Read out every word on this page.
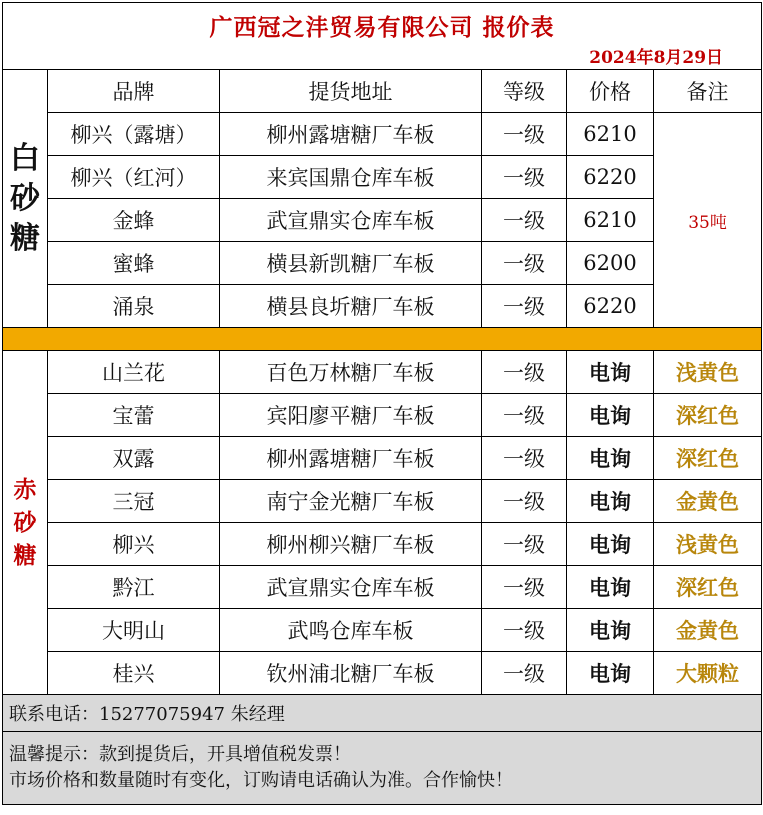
广西冠之沣贸易有限公司 报价表
2024年8月29日					

白
砂
糖	品牌	提货地址	等级	价格	备注
	柳兴（露塘）	柳州露塘糖厂车板	一级	6210	35吨
	柳兴（红河）	来宾国鼎仓库车板	一级	6220	
	金蜂	武宣鼎实仓库车板	一级	6210	
	蜜蜂	横县新凯糖厂车板	一级	6200	
	涌泉	横县良圻糖厂车板	一级	6220	

赤
砂
糖	山兰花	百色万林糖厂车板	一级	电询	浅黄色
	宝蕾	宾阳廖平糖厂车板	一级	电询	深红色
	双露	柳州露塘糖厂车板	一级	电询	深红色
	三冠	南宁金光糖厂车板	一级	电询	金黄色
	柳兴	柳州柳兴糖厂车板	一级	电询	浅黄色
	黔江	武宣鼎实仓库车板	一级	电询	深红色
	大明山	武鸣仓库车板	一级	电询	金黄色
	桂兴	钦州浦北糖厂车板	一级	电询	大颗粒
联系电话：15277075947 朱经理					

温馨提示：款到提货后，开具增值税发票！
市场价格和数量随时有变化，订购请电话确认为准。合作愉快！					
